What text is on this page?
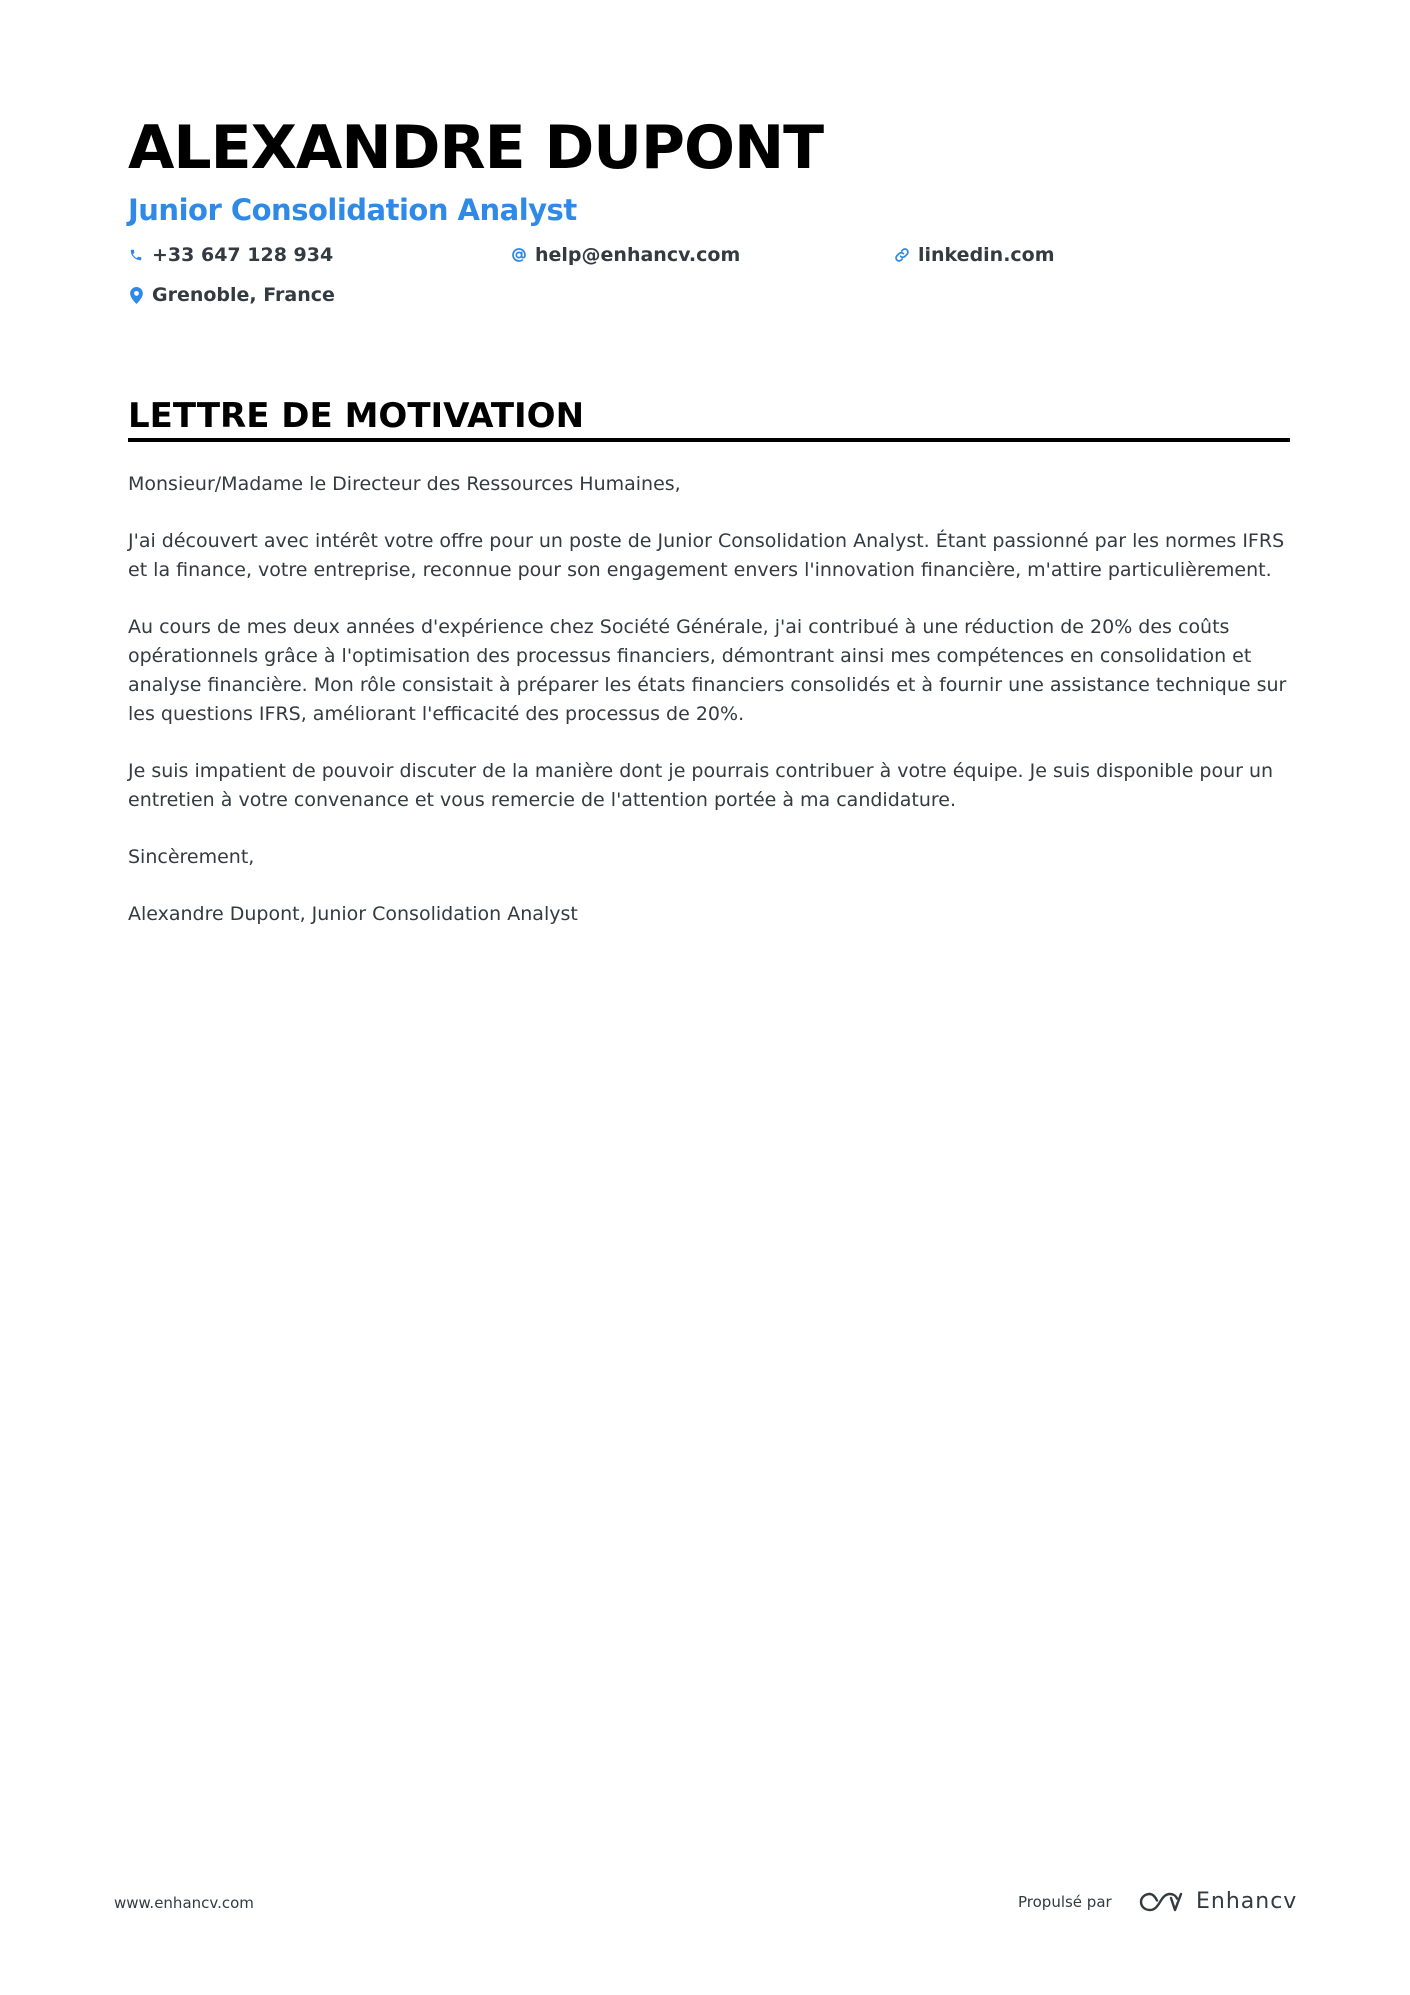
ALEXANDRE DUPONT
Junior Consolidation Analyst
+33 647 128 934	help@enhancv.com	linkedin.com
Grenoble, France
LETTRE DE MOTIVATION

Monsieur/Madame le Directeur des Ressources Humaines,

J'ai découvert avec intérêt votre offre pour un poste de Junior Consolidation Analyst. Étant passionné par les normes IFRS et la finance, votre entreprise, reconnue pour son engagement envers l'innovation financière, m'attire particulièrement.

Au cours de mes deux années d'expérience chez Société Générale, j'ai contribué à une réduction de 20% des coûts opérationnels grâce à l'optimisation des processus financiers, démontrant ainsi mes compétences en consolidation et analyse financière. Mon rôle consistait à préparer les états financiers consolidés et à fournir une assistance technique sur les questions IFRS, améliorant l'efficacité des processus de 20%.

Je suis impatient de pouvoir discuter de la manière dont je pourrais contribuer à votre équipe. Je suis disponible pour un entretien à votre convenance et vous remercie de l'attention portée à ma candidature.

Sincèrement,

Alexandre Dupont, Junior Consolidation Analyst

www.enhancv.com	Propulsé par	Enhancv
